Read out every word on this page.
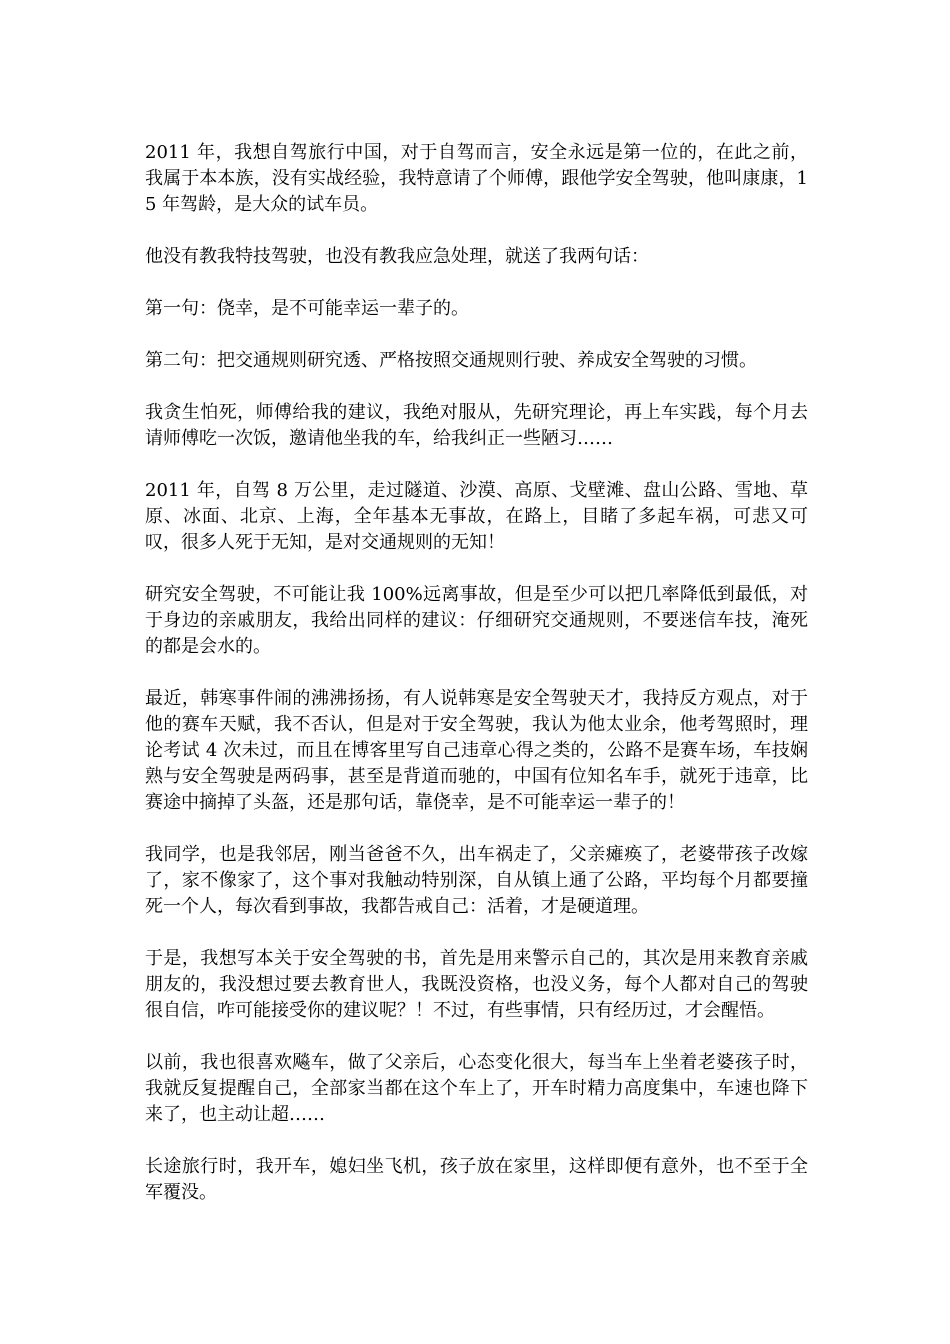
2011 年，我想自驾旅行中国，对于自驾而言，安全永远是第一位的，在此之前，我属于本本族，没有实战经验，我特意请了个师傅，跟他学安全驾驶，他叫康康，15 年驾龄，是大众的试车员。

他没有教我特技驾驶，也没有教我应急处理，就送了我两句话：

第一句：侥幸，是不可能幸运一辈子的。

第二句：把交通规则研究透、严格按照交通规则行驶、养成安全驾驶的习惯。

我贪生怕死，师傅给我的建议，我绝对服从，先研究理论，再上车实践，每个月去请师傅吃一次饭，邀请他坐我的车，给我纠正一些陋习……

2011 年，自驾 8 万公里，走过隧道、沙漠、高原、戈壁滩、盘山公路、雪地、草原、冰面、北京、上海，全年基本无事故，在路上，目睹了多起车祸，可悲又可叹，很多人死于无知，是对交通规则的无知！

研究安全驾驶，不可能让我 100%远离事故，但是至少可以把几率降低到最低，对于身边的亲戚朋友，我给出同样的建议：仔细研究交通规则，不要迷信车技，淹死的都是会水的。

最近，韩寒事件闹的沸沸扬扬，有人说韩寒是安全驾驶天才，我持反方观点，对于他的赛车天赋，我不否认，但是对于安全驾驶，我认为他太业余，他考驾照时，理论考试 4 次未过，而且在博客里写自己违章心得之类的，公路不是赛车场，车技娴熟与安全驾驶是两码事，甚至是背道而驰的，中国有位知名车手，就死于违章，比赛途中摘掉了头盔，还是那句话，靠侥幸，是不可能幸运一辈子的！

我同学，也是我邻居，刚当爸爸不久，出车祸走了，父亲瘫痪了，老婆带孩子改嫁了，家不像家了，这个事对我触动特别深，自从镇上通了公路，平均每个月都要撞死一个人，每次看到事故，我都告戒自己：活着，才是硬道理。

于是，我想写本关于安全驾驶的书，首先是用来警示自己的，其次是用来教育亲戚朋友的，我没想过要去教育世人，我既没资格，也没义务，每个人都对自己的驾驶很自信，咋可能接受你的建议呢？！不过，有些事情，只有经历过，才会醒悟。

以前，我也很喜欢飚车，做了父亲后，心态变化很大，每当车上坐着老婆孩子时，我就反复提醒自己，全部家当都在这个车上了，开车时精力高度集中，车速也降下来了，也主动让超……

长途旅行时，我开车，媳妇坐飞机，孩子放在家里，这样即便有意外，也不至于全军覆没。
